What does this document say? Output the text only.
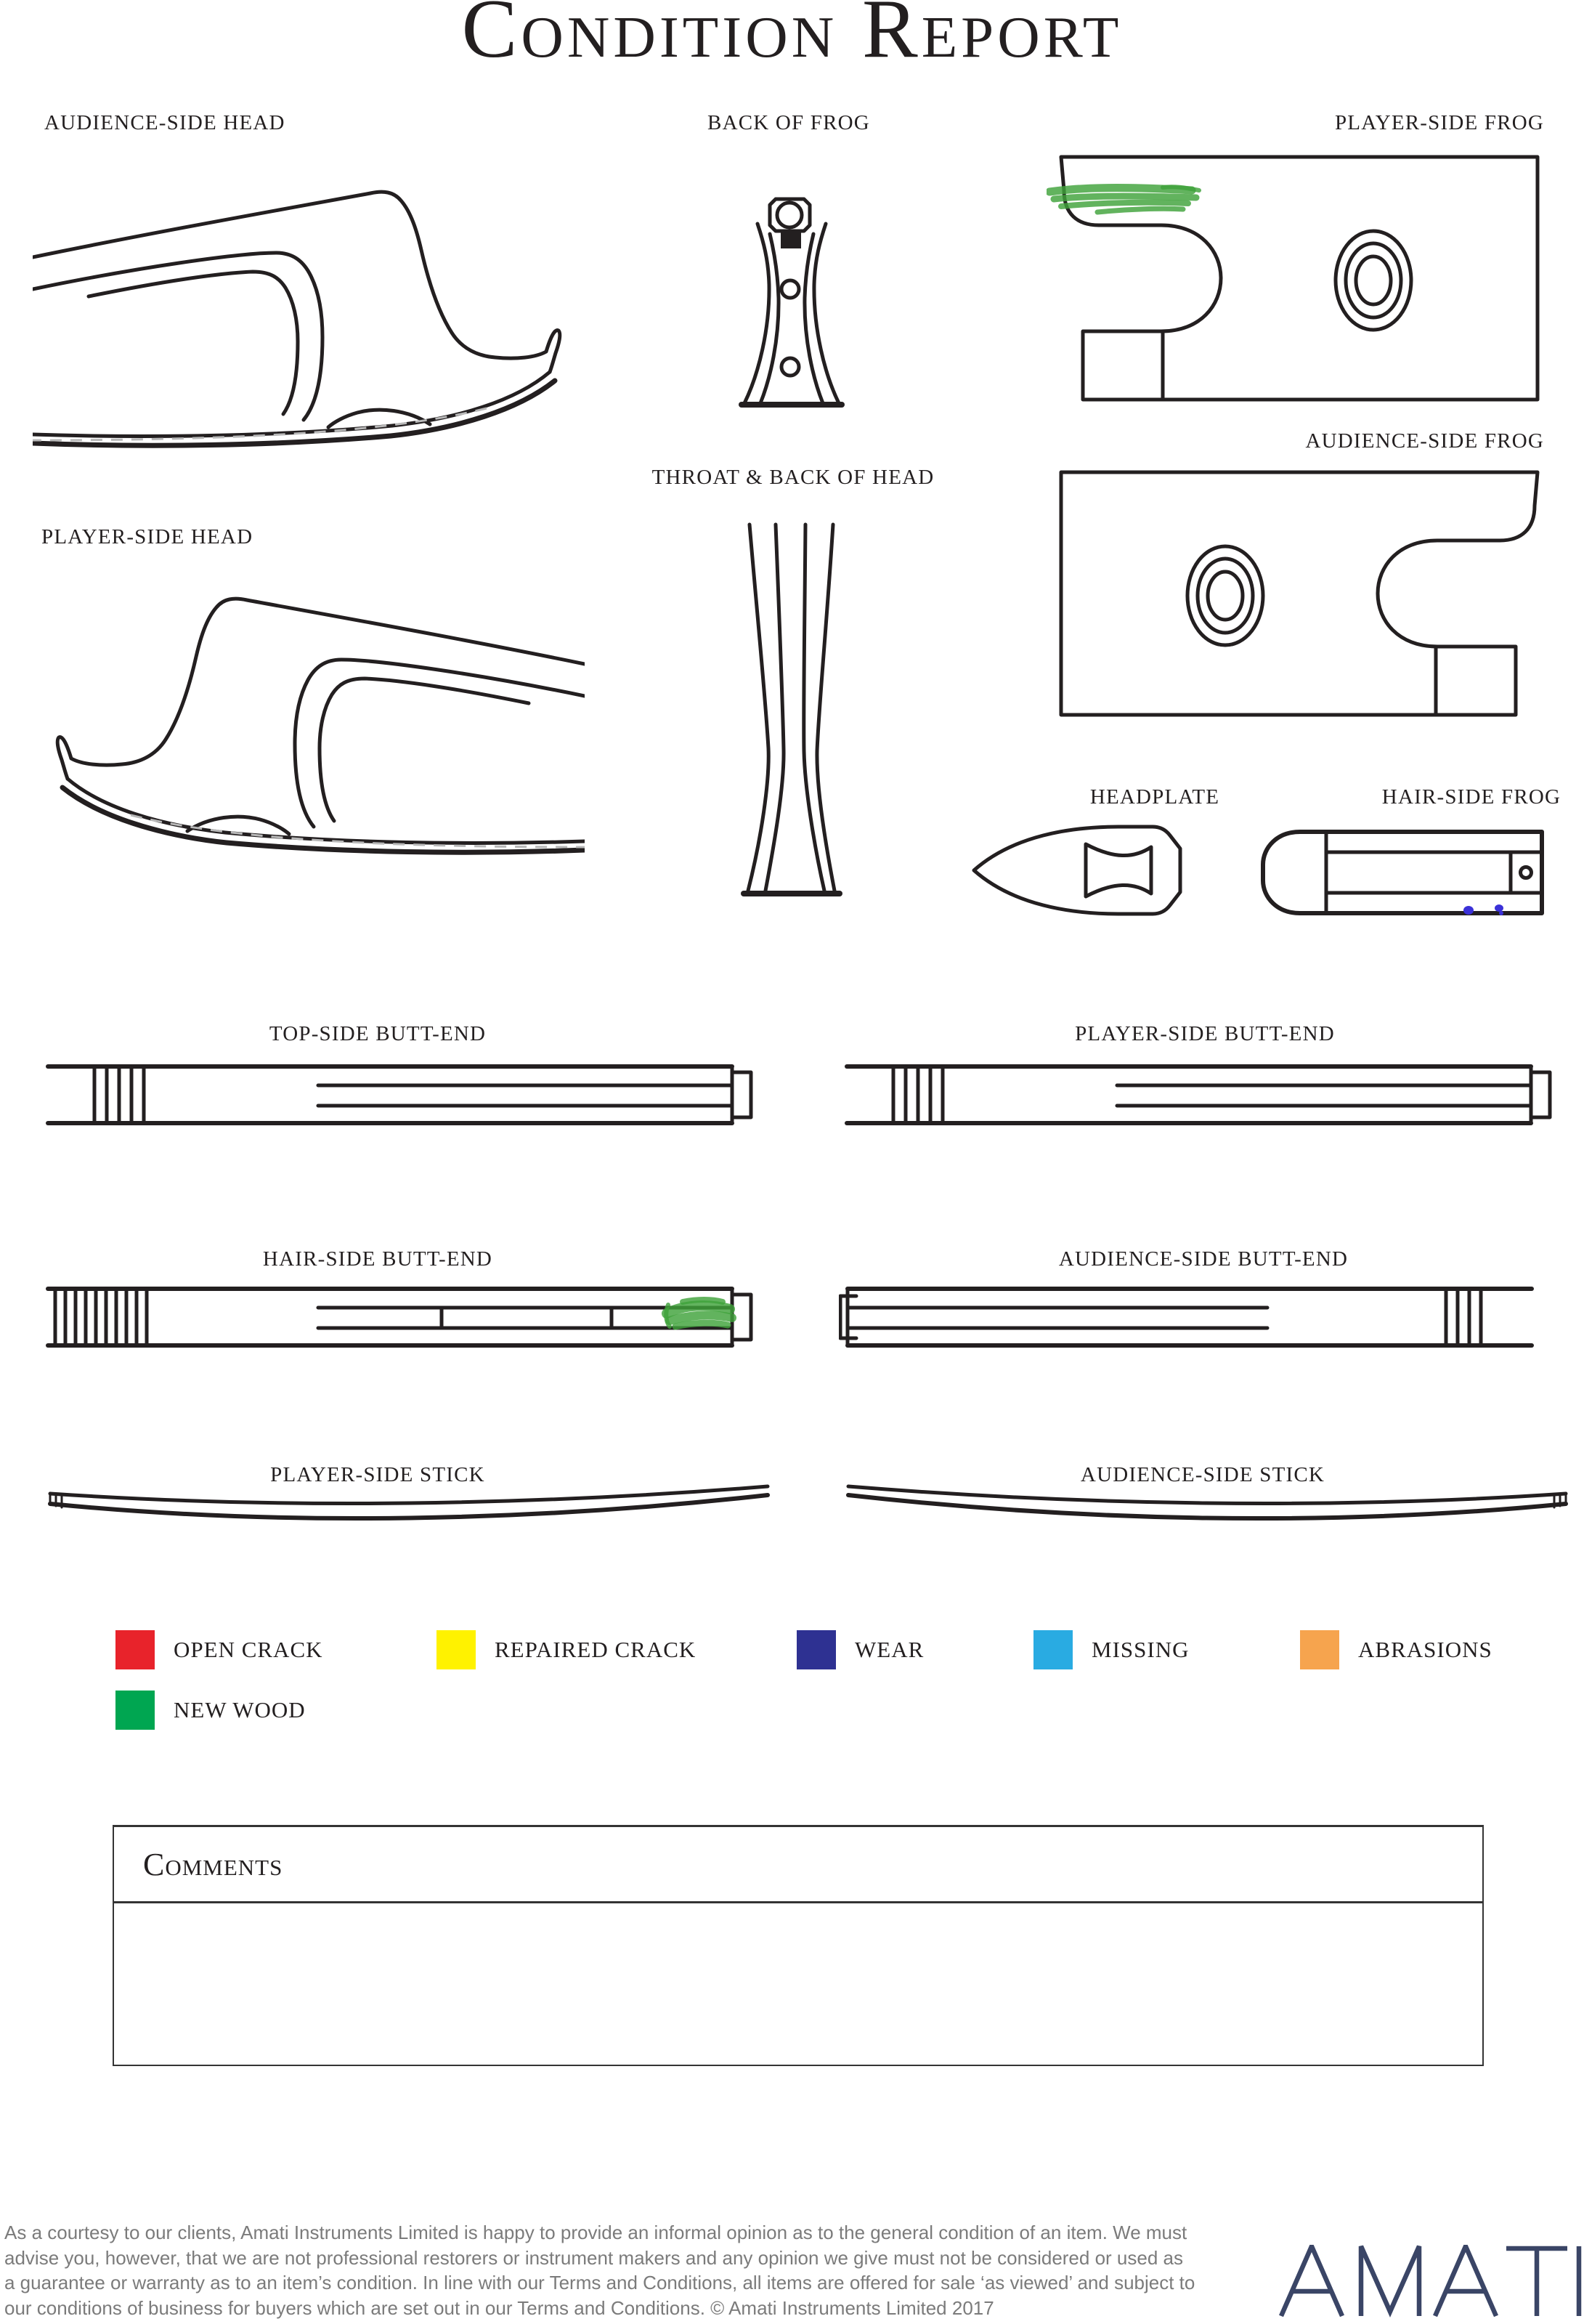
Condition Report
AUDIENCE-SIDE HEAD	BACK OF FROG	PLAYER-SIDE FROG
AUDIENCE-SIDE FROG
THROAT & BACK OF HEAD
PLAYER-SIDE HEAD
HEADPLATE	HAIR-SIDE FROG
TOP-SIDE BUTT-END	PLAYER-SIDE BUTT-END
HAIR-SIDE BUTT-END	AUDIENCE-SIDE BUTT-END
PLAYER-SIDE STICK	AUDIENCE-SIDE STICK
OPEN CRACK	REPAIRED CRACK	WEAR	MISSING	ABRASIONS
NEW WOOD
Comments
As a courtesy to our clients, Amati Instruments Limited is happy to provide an informal opinion as to the general condition of an item. We must
advise you, however, that we are not professional restorers or instrument makers and any opinion we give must not be considered or used as
a guarantee or warranty as to an item’s condition. In line with our Terms and Conditions, all items are offered for sale ‘as viewed’ and subject to
our conditions of business for buyers which are set out in our Terms and Conditions. © Amati Instruments Limited 2017
